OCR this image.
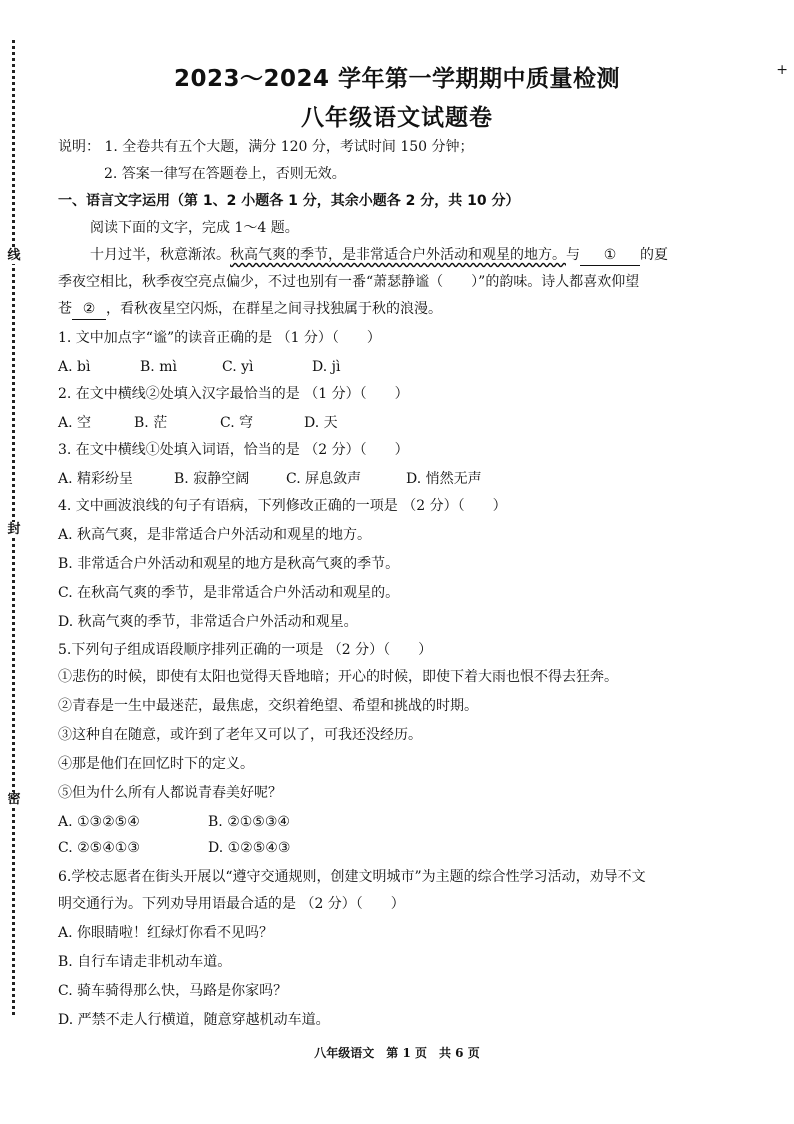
线
封
密
+
2023～2024 学年第一学期期中质量检测
八年级语文试题卷
说明： 1. 全卷共有五个大题，满分 120 分，考试时间 150 分钟；
2. 答案一律写在答题卷上，否则无效。
一、语言文字运用（第 1、2 小题各 1 分，其余小题各 2 分，共 10 分）
阅读下面的文字，完成 1～4 题。
十月过半，秋意渐浓。秋高气爽的季节，是非常适合户外活动和观星的地方。与 ① 的夏
季夜空相比，秋季夜空亮点偏少，不过也别有一番“萧瑟静谧（　　）”的韵味。诗人都喜欢仰望
苍 ② ，看秋夜星空闪烁，在群星之间寻找独属于秋的浪漫。
1. 文中加点字“谧”的读音正确的是 （1 分）（　　）
A. bì	B. mì	C. yì	D. jì
2. 在文中横线②处填入汉字最恰当的是 （1 分）（　　）
A. 空	B. 茫	C. 穹	D. 天
3. 在文中横线①处填入词语，恰当的是 （2 分）（　　）
A. 精彩纷呈	B. 寂静空阔	C. 屏息敛声	D. 悄然无声
4. 文中画波浪线的句子有语病，下列修改正确的一项是 （2 分）（　　）
A. 秋高气爽，是非常适合户外活动和观星的地方。
B. 非常适合户外活动和观星的地方是秋高气爽的季节。
C. 在秋高气爽的季节，是非常适合户外活动和观星的。
D. 秋高气爽的季节，非常适合户外活动和观星。
5.下列句子组成语段顺序排列正确的一项是 （2 分）（　　）
①悲伤的时候，即使有太阳也觉得天昏地暗；开心的时候，即使下着大雨也恨不得去狂奔。
②青春是一生中最迷茫，最焦虑，交织着绝望、希望和挑战的时期。
③这种自在随意，或许到了老年又可以了，可我还没经历。
④那是他们在回忆时下的定义。
⑤但为什么所有人都说青春美好呢？
A. ①③②⑤④	B. ②①⑤③④
C. ②⑤④①③	D. ①②⑤④③
6.学校志愿者在街头开展以“遵守交通规则，创建文明城市”为主题的综合性学习活动，劝导不文
明交通行为。下列劝导用语最合适的是 （2 分）（　　）
A. 你眼睛啦！红绿灯你看不见吗？
B. 自行车请走非机动车道。
C. 骑车骑得那么快，马路是你家吗？
D. 严禁不走人行横道，随意穿越机动车道。
八年级语文　第 1 页　共 6 页
